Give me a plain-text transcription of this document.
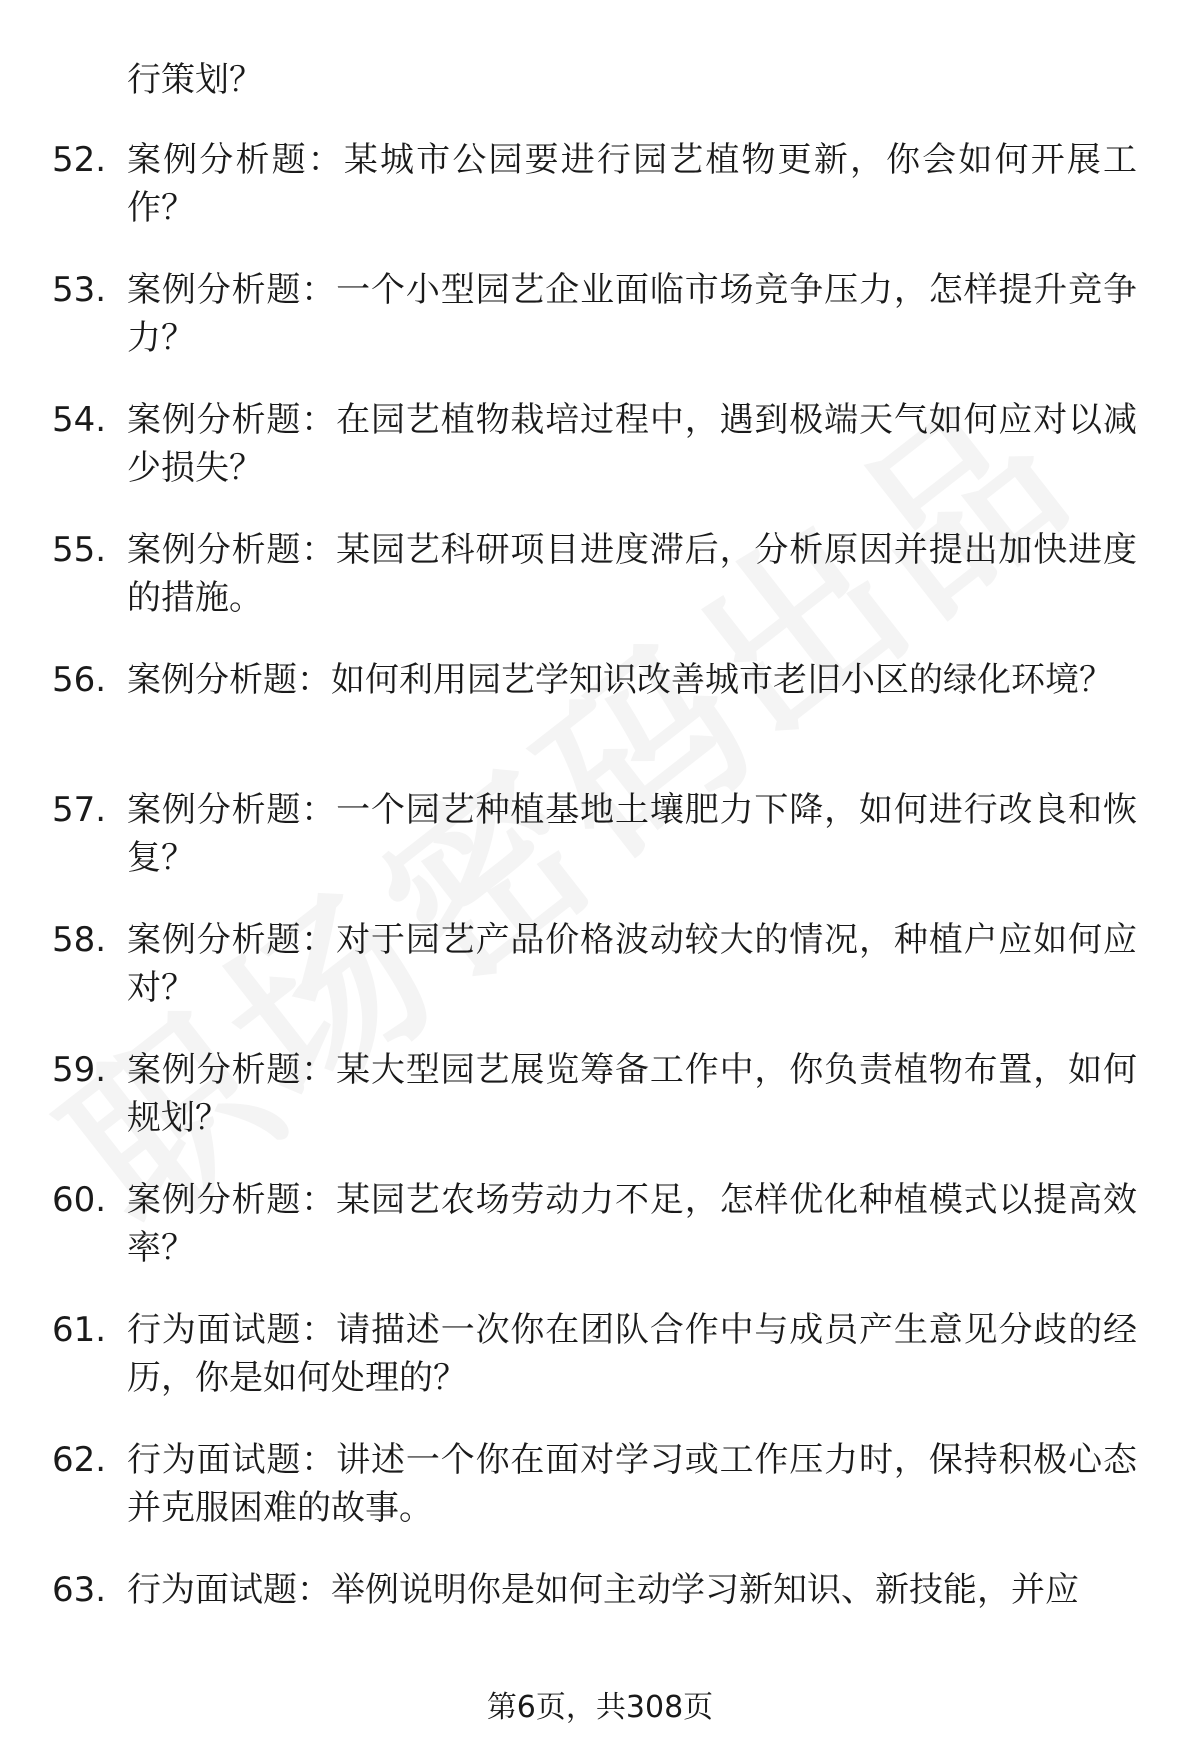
行策划？
52. 案例分析题：某城市公园要进行园艺植物更新，你会如何开展工作？
53. 案例分析题：一个小型园艺企业面临市场竞争压力，怎样提升竞争力？
54. 案例分析题：在园艺植物栽培过程中，遇到极端天气如何应对以减少损失？
55. 案例分析题：某园艺科研项目进度滞后，分析原因并提出加快进度的措施。
56. 案例分析题：如何利用园艺学知识改善城市老旧小区的绿化环境？
57. 案例分析题：一个园艺种植基地土壤肥力下降，如何进行改良和恢复？
58. 案例分析题：对于园艺产品价格波动较大的情况，种植户应如何应对？
59. 案例分析题：某大型园艺展览筹备工作中，你负责植物布置，如何规划？
60. 案例分析题：某园艺农场劳动力不足，怎样优化种植模式以提高效率？
61. 行为面试题：请描述一次你在团队合作中与成员产生意见分歧的经历，你是如何处理的？
62. 行为面试题：讲述一个你在面对学习或工作压力时，保持积极心态并克服困难的故事。
63. 行为面试题：举例说明你是如何主动学习新知识、新技能，并应
第6页，共308页
